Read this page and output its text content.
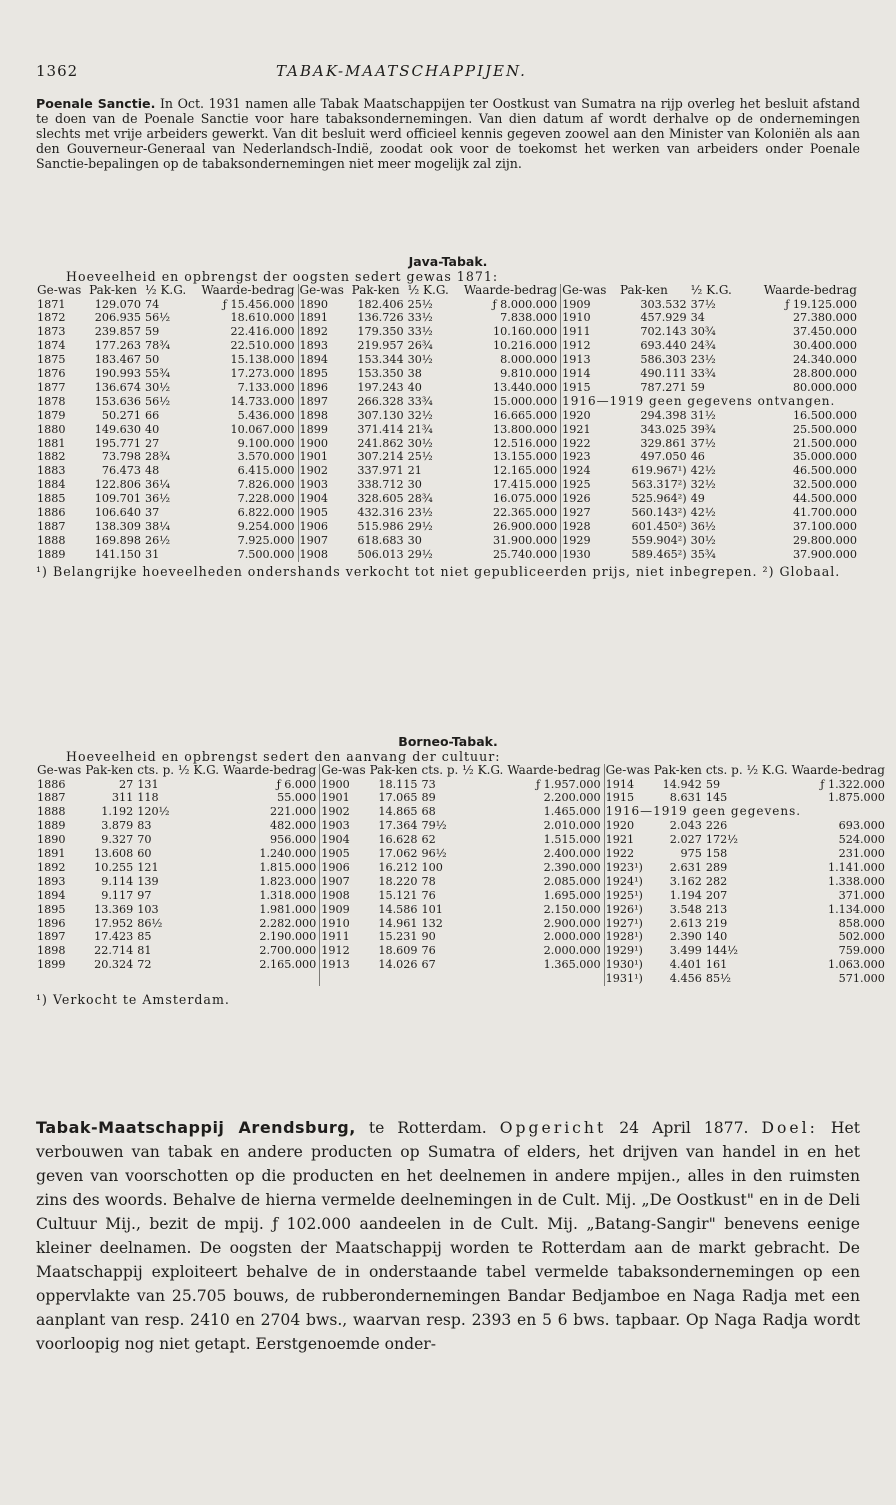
1362	TABAK-MAATSCHAPPIJEN.
Poenale Sanctie. In Oct. 1931 namen alle Tabak Maatschappijen ter Oostkust van Sumatra na rijp overleg het besluit afstand te doen van de Poenale Sanctie voor hare tabaksondernemingen. Van dien datum af wordt derhalve op de ondernemingen slechts met vrije arbeiders gewerkt. Van dit besluit werd officieel kennis gegeven zoowel aan den Minister van Koloniën als aan den Gouverneur-Generaal van Nederlandsch-Indië, zoodat ook voor de toekomst het werken van arbeiders onder Poenale Sanctie-bepalingen op de tabaksondernemingen niet meer mogelijk zal zijn.
Java-Tabak.
Hoeveelheid en opbrengst der oogsten sedert gewas 1871:
Ge-was	Pak-ken	½ K.G.	Waarde-bedrag	Ge-was	Pak-ken	½ K.G.	Waarde-bedrag	Ge-was	Pak-ken	½ K.G.	Waarde-bedrag
1871	129.070	74	ƒ 15.456.000	1890	182.406	25½	ƒ 8.000.000	1909	303.532	37½	ƒ 19.125.000
1872	206.935	56½	18.610.000	1891	136.726	33½	7.838.000	1910	457.929	34	27.380.000
1873	239.857	59	22.416.000	1892	179.350	33½	10.160.000	1911	702.143	30¾	37.450.000
1874	177.263	78¾	22.510.000	1893	219.957	26¾	10.216.000	1912	693.440	24¾	30.400.000
1875	183.467	50	15.138.000	1894	153.344	30½	8.000.000	1913	586.303	23½	24.340.000
1876	190.993	55¾	17.273.000	1895	153.350	38	9.810.000	1914	490.111	33¾	28.800.000
1877	136.674	30½	7.133.000	1896	197.243	40	13.440.000	1915	787.271	59	80.000.000
1878	153.636	56½	14.733.000	1897	266.328	33¾	15.000.000	1916—1919 geen gegevens ontvangen.			
1879	50.271	66	5.436.000	1898	307.130	32½	16.665.000	1920	294.398	31½	16.500.000
1880	149.630	40	10.067.000	1899	371.414	21¾	13.800.000	1921	343.025	39¾	25.500.000
1881	195.771	27	9.100.000	1900	241.862	30½	12.516.000	1922	329.861	37½	21.500.000
1882	73.798	28¾	3.570.000	1901	307.214	25½	13.155.000	1923	497.050	46	35.000.000
1883	76.473	48	6.415.000	1902	337.971	21	12.165.000	1924	619.967¹)	42½	46.500.000
1884	122.806	36¼	7.826.000	1903	338.712	30	17.415.000	1925	563.317²)	32½	32.500.000
1885	109.701	36½	7.228.000	1904	328.605	28¾	16.075.000	1926	525.964²)	49	44.500.000
1886	106.640	37	6.822.000	1905	432.316	23½	22.365.000	1927	560.143²)	42½	41.700.000
1887	138.309	38¼	9.254.000	1906	515.986	29½	26.900.000	1928	601.450²)	36½	37.100.000
1888	169.898	26½	7.925.000	1907	618.683	30	31.900.000	1929	559.904²)	30½	29.800.000
1889	141.150	31	7.500.000	1908	506.013	29½	25.740.000	1930	589.465²)	35¾	37.900.000
¹) Belangrijke hoeveelheden ondershands verkocht tot niet gepubliceerden prijs, niet inbegrepen. ²) Globaal.
Borneo-Tabak.
Hoeveelheid en opbrengst sedert den aanvang der cultuur:
Ge-was	Pak-ken	cts. p. ½ K.G.	Waarde-bedrag	Ge-was	Pak-ken	cts. p. ½ K.G.	Waarde-bedrag	Ge-was	Pak-ken	cts. p. ½ K.G.	Waarde-bedrag
1886	27	131	ƒ 6.000	1900	18.115	73	ƒ 1.957.000	1914	14.942	59	ƒ 1.322.000
1887	311	118	55.000	1901	17.065	89	2.200.000	1915	8.631	145	1.875.000
1888	1.192	120½	221.000	1902	14.865	68	1.465.000	1916—1919 geen gegevens.			
1889	3.879	83	482.000	1903	17.364	79½	2.010.000	1920	2.043	226	693.000
1890	9.327	70	956.000	1904	16.628	62	1.515.000	1921	2.027	172½	524.000
1891	13.608	60	1.240.000	1905	17.062	96½	2.400.000	1922	975	158	231.000
1892	10.255	121	1.815.000	1906	16.212	100	2.390.000	1923¹)	2.631	289	1.141.000
1893	9.114	139	1.823.000	1907	18.220	78	2.085.000	1924¹)	3.162	282	1.338.000
1894	9.117	97	1.318.000	1908	15.121	76	1.695.000	1925¹)	1.194	207	371.000
1895	13.369	103	1.981.000	1909	14.586	101	2.150.000	1926¹)	3.548	213	1.134.000
1896	17.952	86½	2.282.000	1910	14.961	132	2.900.000	1927¹)	2.613	219	858.000
1897	17.423	85	2.190.000	1911	15.231	90	2.000.000	1928¹)	2.390	140	502.000
1898	22.714	81	2.700.000	1912	18.609	76	2.000.000	1929¹)	3.499	144½	759.000
1899	20.324	72	2.165.000	1913	14.026	67	1.365.000	1930¹)	4.401	161	1.063.000
								1931¹)	4.456	85½	571.000
¹) Verkocht te Amsterdam.
Tabak-Maatschappij Arendsburg, te Rotterdam. Opgericht 24 April 1877. Doel: Het verbouwen van tabak en andere producten op Sumatra of elders, het drijven van handel in en het geven van voorschotten op die producten en het deelnemen in andere mpijen., alles in den ruimsten zins des woords. Behalve de hierna vermelde deelnemingen in de Cult. Mij. „De Oostkust" en in de Deli Cultuur Mij., bezit de mpij. ƒ 102.000 aandeelen in de Cult. Mij. „Batang-Sangir" benevens eenige kleiner deelnamen. De oogsten der Maatschappij worden te Rotterdam aan de markt gebracht. De Maatschappij exploiteert behalve de in onderstaande tabel vermelde tabaksondernemingen op een oppervlakte van 25.705 bouws, de rubberondernemingen Bandar Bedjamboe en Naga Radja met een aanplant van resp. 2410 en 2704 bws., waarvan resp. 2393 en 5 6 bws. tapbaar. Op Naga Radja wordt voorloopig nog niet getapt. Eerstgenoemde onder-
